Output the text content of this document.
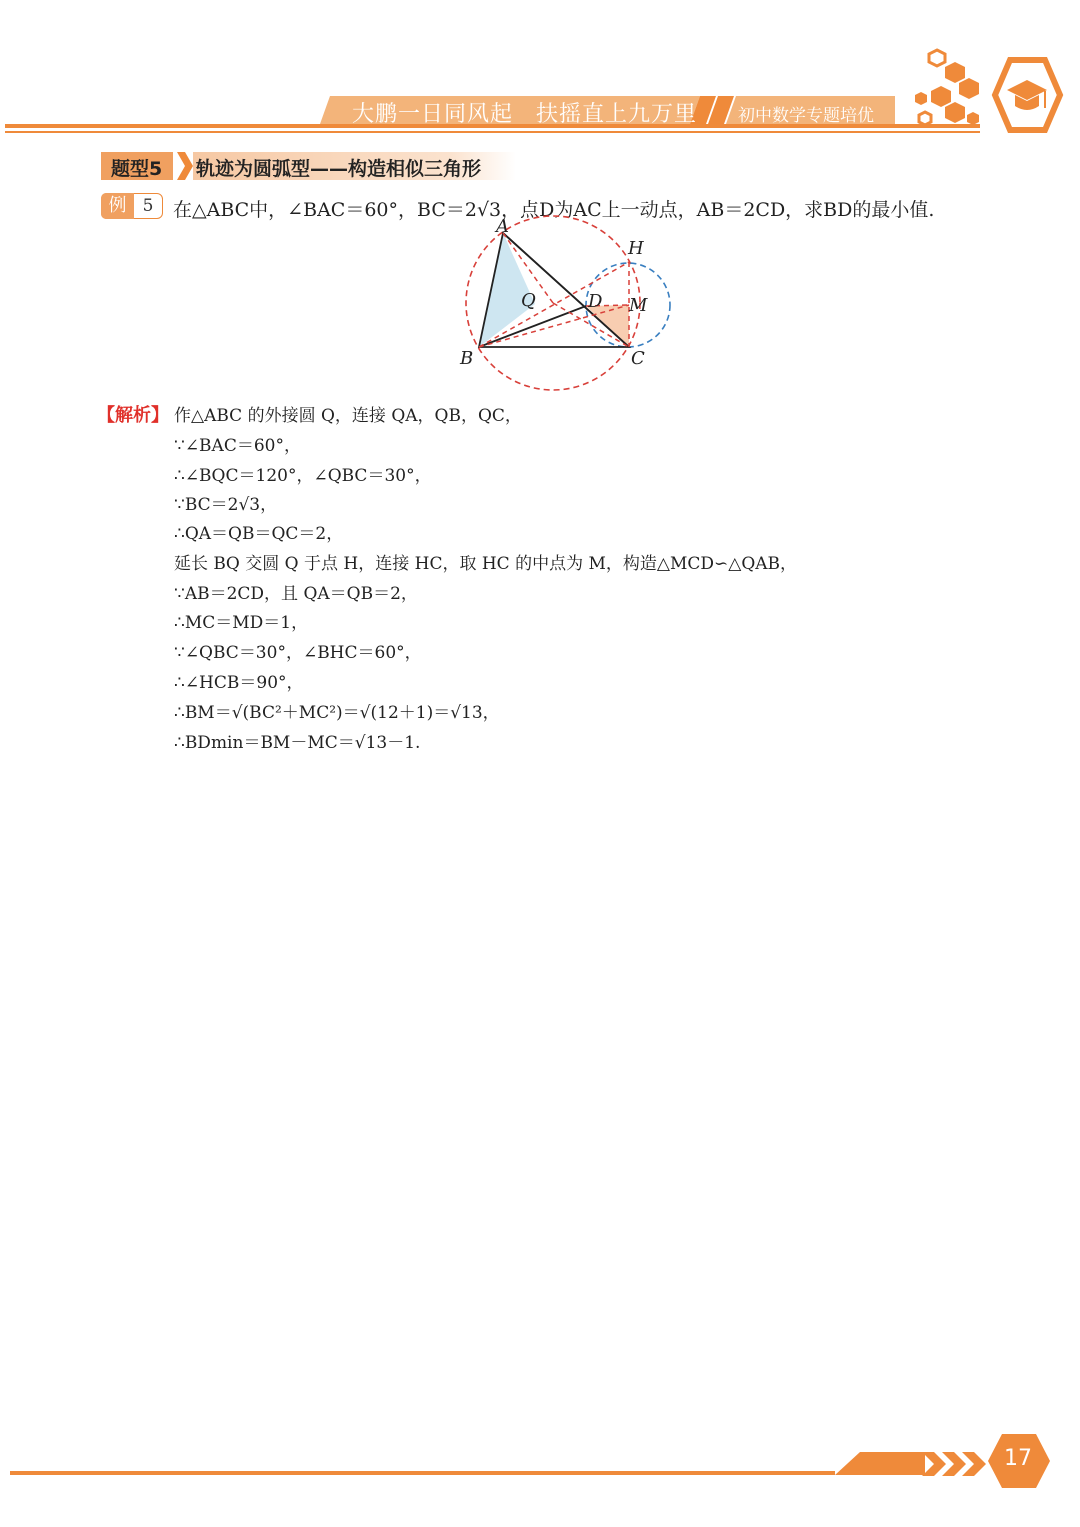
大鹏一日同风起　扶摇直上九万里 初中数学专题培优
题型5 轨迹为圆弧型——构造相似三角形
例 5	在△ABC中，∠BAC＝60°，BC＝2√3，点D为AC上一动点，AB＝2CD，求BD的最小值.
A
B	C
H
Q	D M
【解析】 作△ABC 的外接圆 Q，连接 QA，QB，QC，
∵∠BAC＝60°，
∴∠BQC＝120°，∠QBC＝30°，
∵BC＝2√3，
∴QA＝QB＝QC＝2，
延长 BQ 交圆 Q 于点 H，连接 HC，取 HC 的中点为 M，构造△MCD∽△QAB，
∵AB＝2CD，且 QA＝QB＝2，
∴MC＝MD＝1，
∵∠QBC＝30°，∠BHC＝60°，
∴∠HCB＝90°，
∴BM＝√(BC²＋MC²)＝√(12＋1)＝√13，
∴BDmin＝BM－MC＝√13－1.
17
